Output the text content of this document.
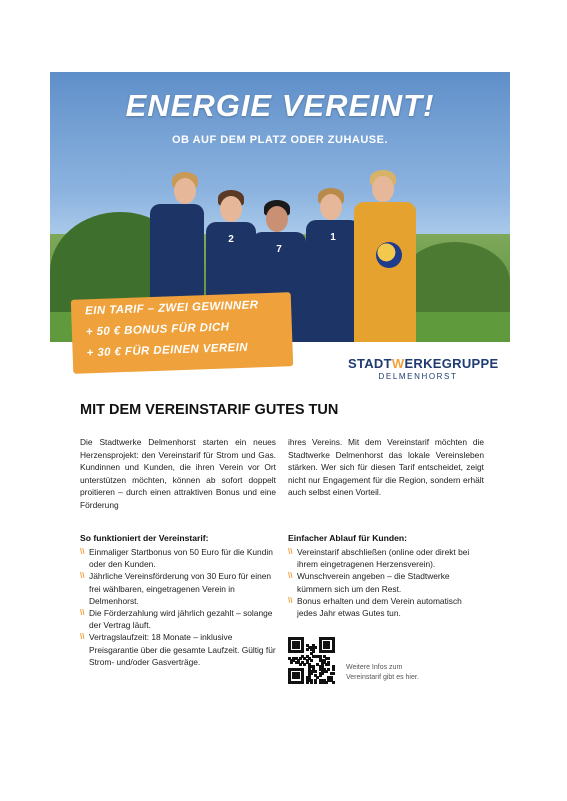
ENERGIE VEREINT!
OB AUF DEM PLATZ ODER ZUHAUSE.
2
7
1
EIN TARIF – ZWEI GEWINNER
+ 50 € BONUS FÜR DICH
+ 30 € FÜR DEINEN VEREIN
STADTWERKEGRUPPE
DELMENHORST
MIT DEM VEREINSTARIF GUTES TUN
Die Stadtwerke Delmenhorst starten ein neues Herzensprojekt: den Vereinstarif für Strom und Gas. Kundinnen und Kunden, die ihren Verein vor Ort unterstützen möchten, können ab sofort doppelt proitieren – durch einen attraktiven Bonus und eine Förderung
ihres Vereins. Mit dem Vereinstarif möchten die Stadtwerke Delmenhorst das lokale Vereinsleben stärken. Wer sich für diesen Tarif entscheidet, zeigt nicht nur Engagement für die Region, sondern erhält auch selbst einen Vorteil.
So funktioniert der Vereinstarif:
\\ Einmaliger Startbonus von 50 Euro für die Kundin oder den Kunden.
\\ Jährliche Vereinsförderung von 30 Euro für einen frei wählbaren, eingetragenen Verein in Delmenhorst.
\\ Die Förderzahlung wird jährlich gezahlt – solange der Vertrag läuft.
\\ Vertragslaufzeit: 18 Monate – inklusive Preisgarantie über die gesamte Laufzeit. Gültig für Strom- und/oder Gasverträge.
Einfacher Ablauf für Kunden:
\\ Vereinstarif abschließen (online oder direkt bei ihrem eingetragenen Herzensverein).
\\ Wunschverein angeben – die Stadtwerke kümmern sich um den Rest.
\\ Bonus erhalten und dem Verein automatisch jedes Jahr etwas Gutes tun.
Weitere Infos zum
Vereinstarif gibt es hier.
